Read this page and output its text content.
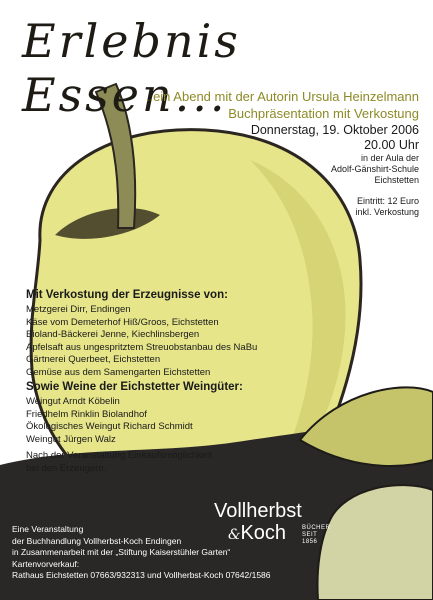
Erlebnis Essen...
..ein Abend mit der Autorin Ursula Heinzelmann
Buchpräsentation mit Verkostung
Donnerstag, 19. Oktober 2006
20.00 Uhr
in der Aula der
Adolf-Gänshirt-Schule
Eichstetten
Eintritt: 12 Euro
inkl. Verkostung
Mit Verkostung der Erzeugnisse von:
Metzgerei Dirr, Endingen
Käse vom Demeterhof Hiß/Groos, Eichstetten
Bioland-Bäckerei Jenne, Kiechlinsbergen
Apfelsaft aus ungespritztem Streuobstanbau des NaBu
Gärtnerei Querbeet, Eichstetten
Gemüse aus dem Samengarten Eichstetten
Sowie Weine der Eichstetter Weingüter:
Weingut Arndt Köbelin
Friedhelm Rinklin Biolandhof
Ökologisches Weingut Richard Schmidt
Weingut Jürgen Walz
Nach der Veranstaltung Einkaufsmöglichkeit
bei den Erzeugern.
Vollherbst
&Koch	BÜCHER
SEIT 1856
Eine Veranstaltung
der Buchhandlung Vollherbst-Koch Endingen
in Zusammenarbeit mit der „Stiftung Kaiserstühler Garten“
Kartenvorverkauf:
Rathaus Eichstetten 07663/932313 und Vollherbst-Koch 07642/1586
